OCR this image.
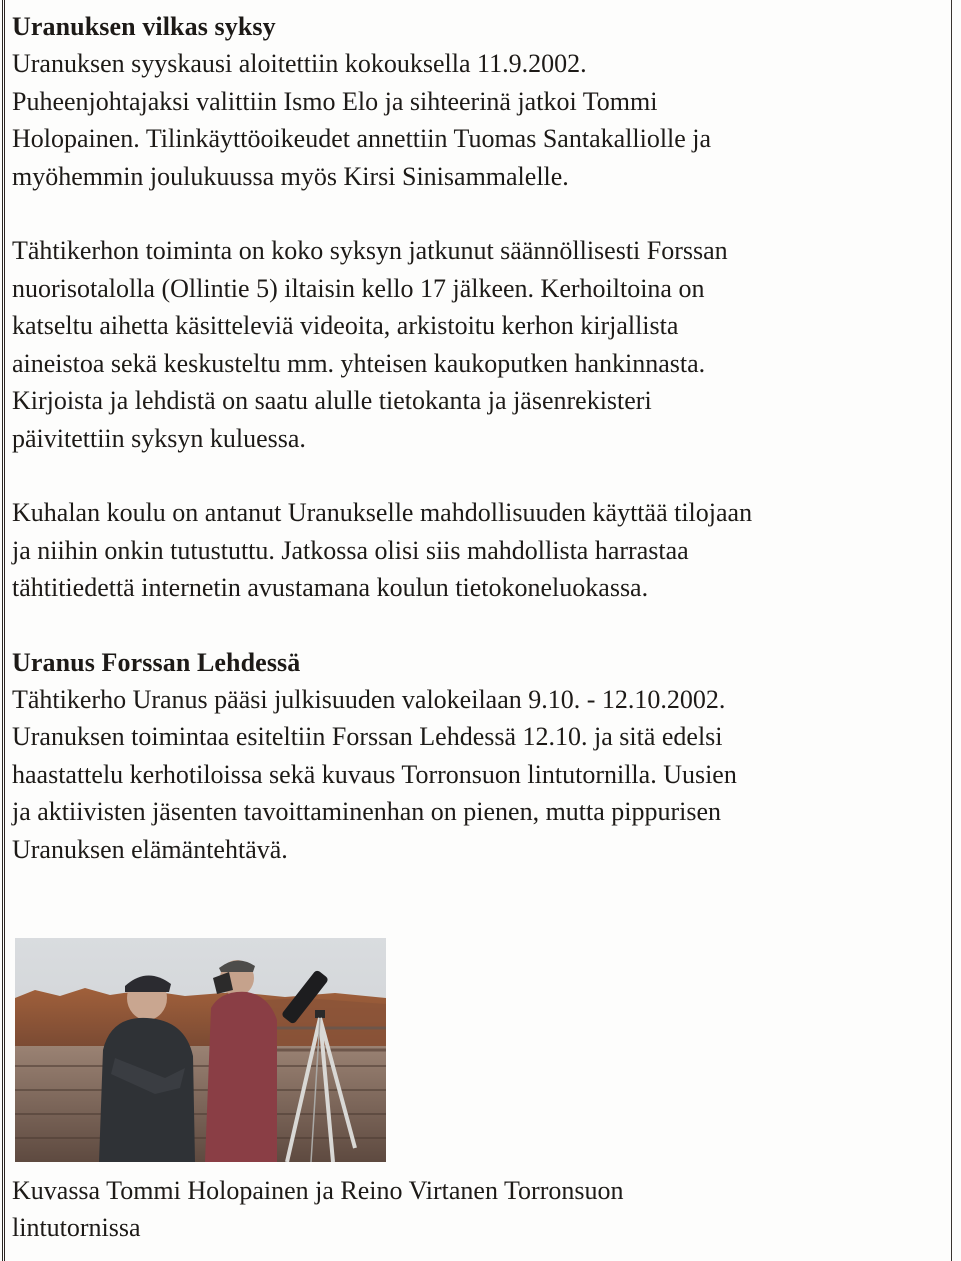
Uranuksen vilkas syksy

Uranuksen syyskausi aloitettiin kokouksella 11.9.2002.
Puheenjohtajaksi valittiin Ismo Elo ja sihteerinä jatkoi Tommi
Holopainen. Tilinkäyttöoikeudet annettiin Tuomas Santakalliolle ja
myöhemmin joulukuussa myös Kirsi Sinisammalelle.

Tähtikerhon toiminta on koko syksyn jatkunut säännöllisesti Forssan
nuorisotalolla (Ollintie 5) iltaisin kello 17 jälkeen. Kerhoiltoina on
katseltu aihetta käsitteleviä videoita, arkistoitu kerhon kirjallista
aineistoa sekä keskusteltu mm. yhteisen kaukoputken hankinnasta.
Kirjoista ja lehdistä on saatu alulle tietokanta ja jäsenrekisteri
päivitettiin syksyn kuluessa.

Kuhalan koulu on antanut Uranukselle mahdollisuuden käyttää tilojaan
ja niihin onkin tutustuttu. Jatkossa olisi siis mahdollista harrastaa
tähtitiedettä internetin avustamana koulun tietokoneluokassa.

Uranus Forssan Lehdessä

Tähtikerho Uranus pääsi julkisuuden valokeilaan 9.10. - 12.10.2002.
Uranuksen toimintaa esiteltiin Forssan Lehdessä 12.10. ja sitä edelsi
haastattelu kerhotiloissa sekä kuvaus Torronsuon lintutornilla. Uusien
ja aktiivisten jäsenten tavoittaminenhan on pienen, mutta pippurisen
Uranuksen elämäntehtävä.

Kuvassa Tommi Holopainen ja Reino Virtanen Torronsuon
lintutornissa
